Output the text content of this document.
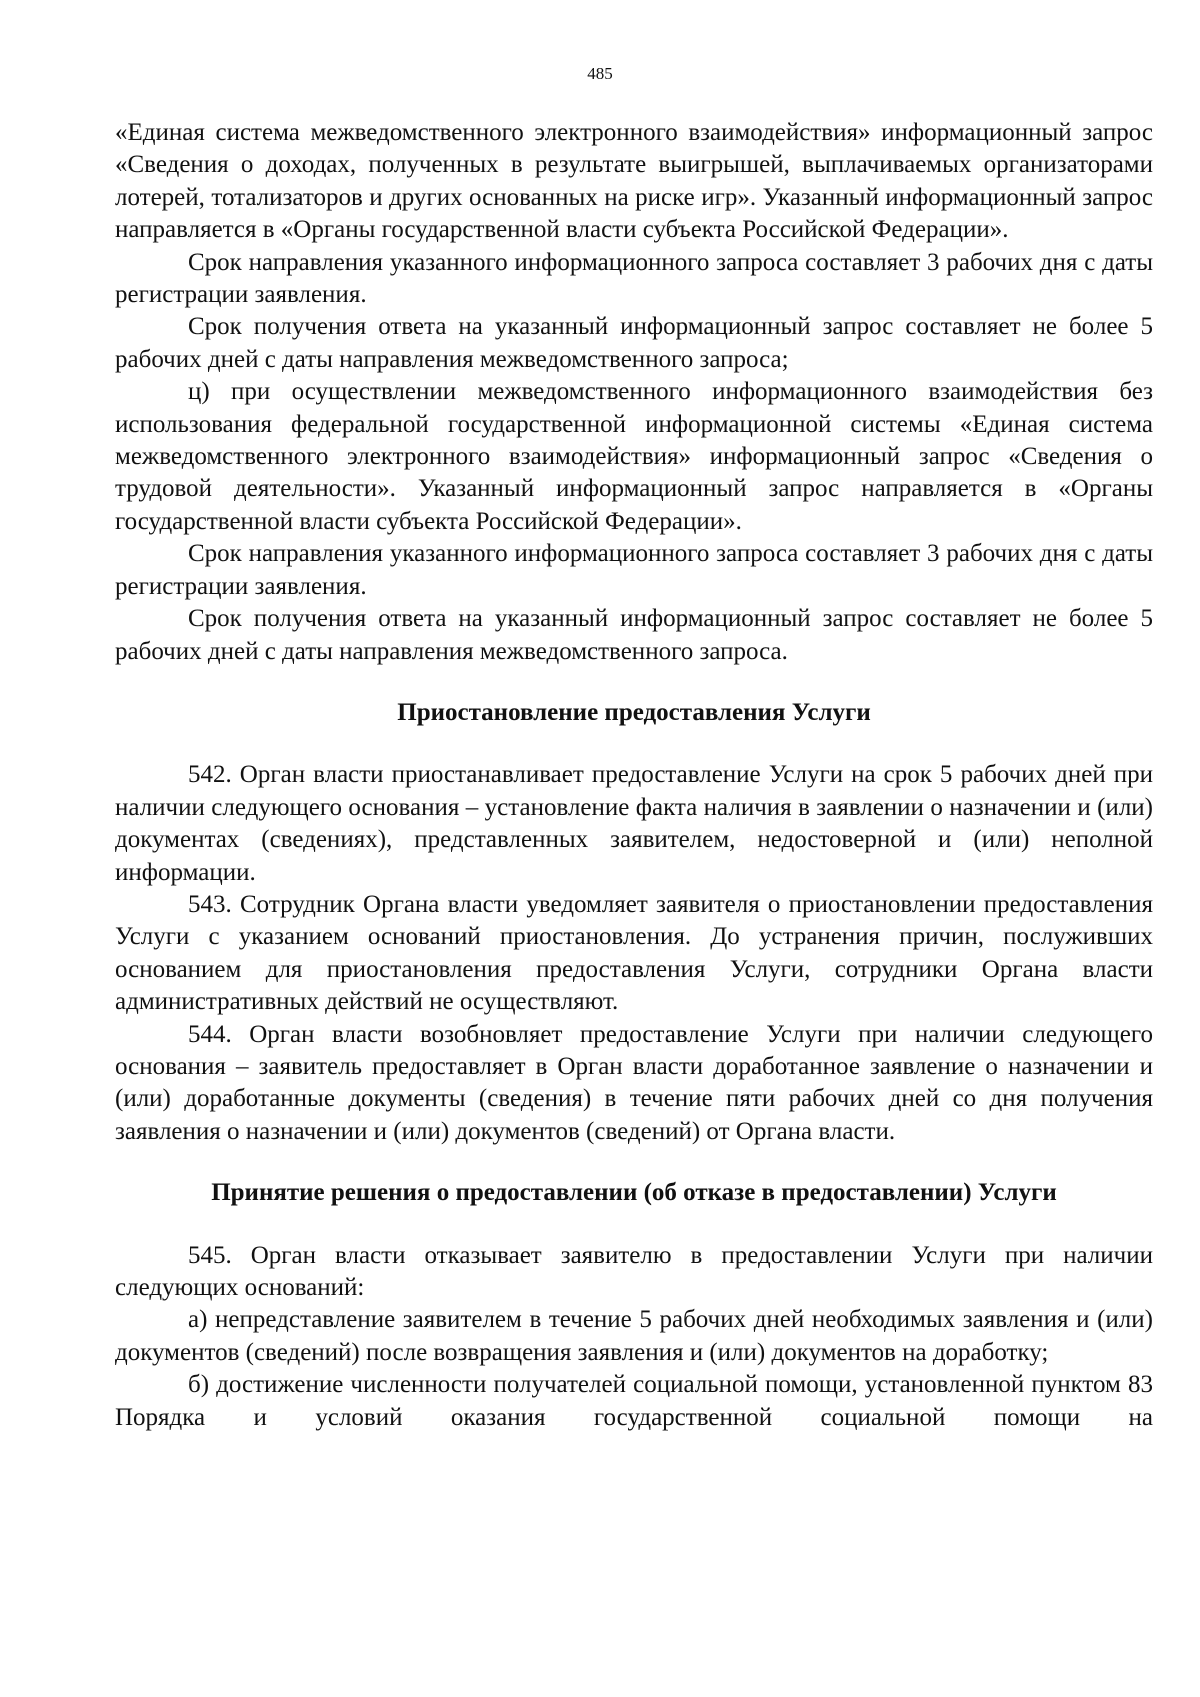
485

«Единая система межведомственного электронного взаимодействия» информационный запрос «Сведения о доходах, полученных в результате выигрышей, выплачиваемых организаторами лотерей, тотализаторов и других основанных на риске игр». Указанный информационный запрос направляется в «Органы государственной власти субъекта Российской Федерации».

Срок направления указанного информационного запроса составляет 3 рабочих дня с даты регистрации заявления.

Срок получения ответа на указанный информационный запрос составляет не более 5 рабочих дней с даты направления межведомственного запроса;

ц) при осуществлении межведомственного информационного взаимодействия без использования федеральной государственной информационной системы «Единая система межведомственного электронного взаимодействия» информационный запрос «Сведения о трудовой деятельности». Указанный информационный запрос направляется в «Органы государственной власти субъекта Российской Федерации».

Срок направления указанного информационного запроса составляет 3 рабочих дня с даты регистрации заявления.

Срок получения ответа на указанный информационный запрос составляет не более 5 рабочих дней с даты направления межведомственного запроса.

Приостановление предоставления Услуги

542. Орган власти приостанавливает предоставление Услуги на срок 5 рабочих дней при наличии следующего основания – установление факта наличия в заявлении о назначении и (или) документах (сведениях), представленных заявителем, недостоверной и (или) неполной информации.

543. Сотрудник Органа власти уведомляет заявителя о приостановлении предоставления Услуги с указанием оснований приостановления. До устранения причин, послуживших основанием для приостановления предоставления Услуги, сотрудники Органа власти административных действий не осуществляют.

544. Орган власти возобновляет предоставление Услуги при наличии следующего основания – заявитель предоставляет в Орган власти доработанное заявление о назначении и (или) доработанные документы (сведения) в течение пяти рабочих дней со дня получения заявления о назначении и (или) документов (сведений) от Органа власти.

Принятие решения о предоставлении (об отказе в предоставлении) Услуги

545. Орган власти отказывает заявителю в предоставлении Услуги при наличии следующих оснований:

а) непредставление заявителем в течение 5 рабочих дней необходимых заявления и (или) документов (сведений) после возвращения заявления и (или) документов на доработку;

б) достижение численности получателей социальной помощи, установленной пунктом 83 Порядка и условий оказания государственной социальной помощи на
